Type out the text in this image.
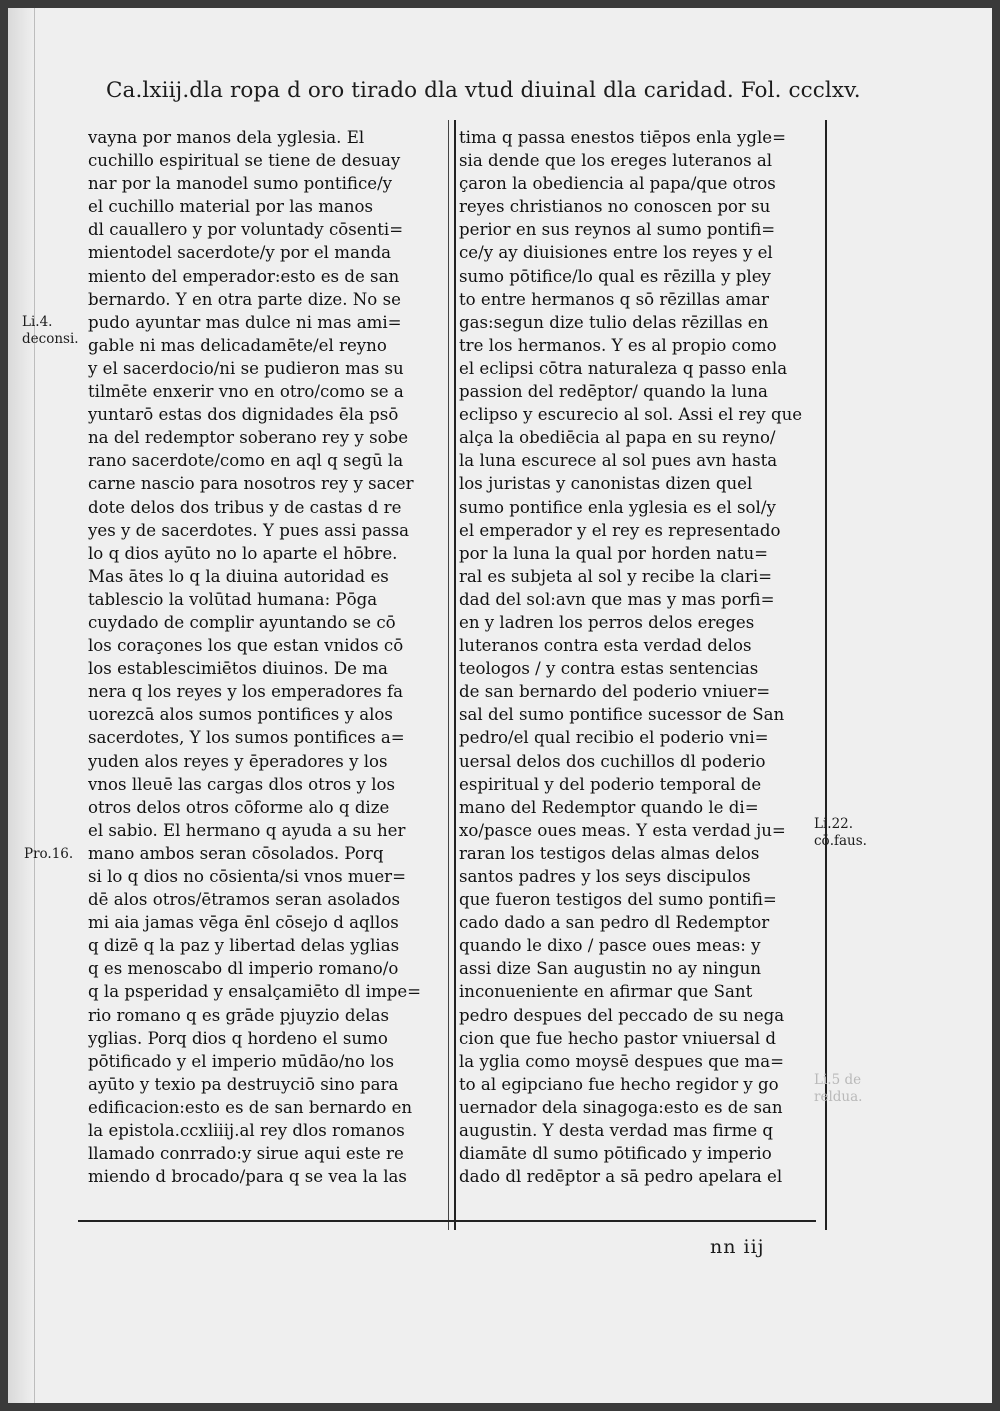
Ca.lxiij.dla ropa d oro tirado dla vtud diuinal dla caridad. Fol. ccclxv.
vayna por manos dela yglesia. El
cuchillo espiritual se tiene de desuay
nar por la manodel sumo pontifice/y
el cuchillo material por las manos
dl cauallero y por voluntady cōsenti=
mientodel sacerdote/y por el manda
miento del emperador:esto es de san
bernardo. Y en otra parte dize. No se
pudo ayuntar mas dulce ni mas ami=
gable ni mas delicadamēte/el reyno
y el sacerdocio/ni se pudieron mas su
tilmēte enxerir vno en otro/como se a
yuntarō estas dos dignidades ēla psō
na del redemptor soberano rey y sobe
rano sacerdote/como en aql q segū la
carne nascio para nosotros rey y sacer
dote delos dos tribus y de castas d re
yes y de sacerdotes. Y pues assi passa
lo q dios ayūto no lo aparte el hōbre.
Mas ātes lo q la diuina autoridad es
tablescio la volūtad humana: Pōga
cuydado de complir ayuntando se cō
los coraçones los que estan vnidos cō
los establescimiētos diuinos. De ma
nera q los reyes y los emperadores fa
uorezcā alos sumos pontifices y alos
sacerdotes, Y los sumos pontifices a=
yuden alos reyes y ēperadores y los
vnos lleuē las cargas dlos otros y los
otros delos otros cōforme alo q dize
el sabio. El hermano q ayuda a su her
mano ambos seran cōsolados. Porq
si lo q dios no cōsienta/si vnos muer=
dē alos otros/ētramos seran asolados
mi aia jamas vēga ēnl cōsejo d aqllos
q dizē q la paz y libertad delas yglias
q es menoscabo dl imperio romano/o
q la psperidad y ensalçamiēto dl impe=
rio romano q es grāde pjuyzio delas
yglias. Porq dios q hordeno el sumo
pōtificado y el imperio mūdāo/no los
ayūto y texio pa destruyciō sino para
edificacion:esto es de san bernardo en
la epistola.ccxliiij.al rey dlos romanos
llamado conrrado:y sirue aqui este re
miendo d brocado/para q se vea la las
tima q passa enestos tiēpos enla ygle=
sia dende que los ereges luteranos al
çaron la obediencia al papa/que otros
reyes christianos no conoscen por su
perior en sus reynos al sumo pontifi=
ce/y ay diuisiones entre los reyes y el
sumo pōtifice/lo qual es rēzilla y pley
to entre hermanos q sō rēzillas amar
gas:segun dize tulio delas rēzillas en
tre los hermanos. Y es al propio como
el eclipsi cōtra naturaleza q passo enla
passion del redēptor/ quando la luna
eclipso y escurecio al sol. Assi el rey que
alça la obediēcia al papa en su reyno/
la luna escurece al sol pues avn hasta
los juristas y canonistas dizen quel
sumo pontifice enla yglesia es el sol/y
el emperador y el rey es representado
por la luna la qual por horden natu=
ral es subjeta al sol y recibe la clari=
dad del sol:avn que mas y mas porfi=
en y ladren los perros delos ereges
luteranos contra esta verdad delos
teologos / y contra estas sentencias
de san bernardo del poderio vniuer=
sal del sumo pontifice sucessor de San
pedro/el qual recibio el poderio vni=
uersal delos dos cuchillos dl poderio
espiritual y del poderio temporal de
mano del Redemptor quando le di=
xo/pasce oues meas. Y esta verdad ju=
raran los testigos delas almas delos
santos padres y los seys discipulos
que fueron testigos del sumo pontifi=
cado dado a san pedro dl Redemptor
quando le dixo / pasce oues meas: y
assi dize San augustin no ay ningun
inconueniente en afirmar que Sant
pedro despues del peccado de su nega
cion que fue hecho pastor vniuersal d
la yglia como moysē despues que ma=
to al egipciano fue hecho regidor y go
uernador dela sinagoga:esto es de san
augustin. Y desta verdad mas firme q
diamāte dl sumo pōtificado y imperio
dado dl redēptor a sā pedro apelara el
Li.4.
deconsi.
Pro.16.
Li.22.
cō.faus.
Li.5 de
reldua.
nn iij
